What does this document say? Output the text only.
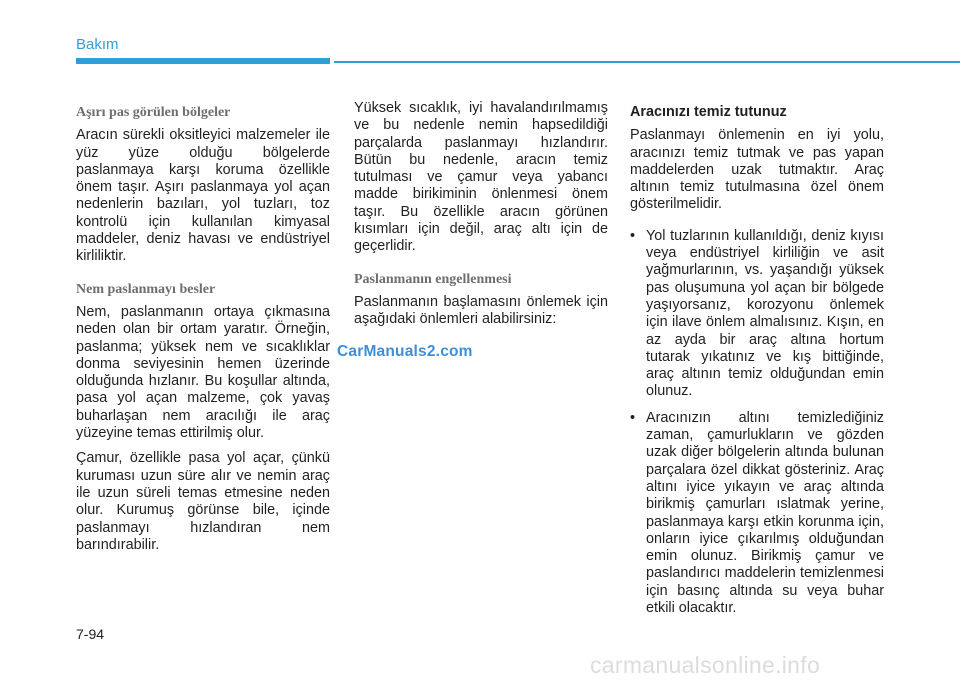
Bakım
Aşırı pas görülen bölgeler

Aracın sürekli oksitleyici malzemeler ile yüz yüze olduğu bölgelerde paslanmaya karşı koruma özellikle önem taşır. Aşırı paslanmaya yol açan nedenlerin bazıları, yol tuzları, toz kontrolü için kullanılan kimyasal maddeler, deniz havası ve endüstriyel kirliliktir.

Nem paslanmayı besler

Nem, paslanmanın ortaya çıkmasına neden olan bir ortam yaratır. Örneğin, paslanma; yüksek nem ve sıcaklıklar donma seviyesinin hemen üzerinde olduğunda hızlanır. Bu koşullar altında, pasa yol açan malzeme, çok yavaş buharlaşan nem aracılığı ile araç yüzeyine temas ettirilmiş olur.

Çamur, özellikle pasa yol açar, çünkü kuruması uzun süre alır ve nemin araç ile uzun süreli temas etmesine neden olur. Kurumuş görünse bile, içinde paslanmayı hızlandıran nem barındırabilir.

Yüksek sıcaklık, iyi havalandırılmamış ve bu nedenle nemin hapsedildiği parçalarda paslanmayı hızlandırır. Bütün bu nedenle, aracın temiz tutulması ve çamur veya yabancı madde birikiminin önlenmesi önem taşır. Bu özellikle aracın görünen kısımları için değil, araç altı için de geçerlidir.

Paslanmanın engellenmesi

Paslanmanın başlamasını önlemek için aşağıdaki önlemleri alabilirsiniz:

Aracınızı temiz tutunuz

Paslanmayı önlemenin en iyi yolu, aracınızı temiz tutmak ve pas yapan maddelerden uzak tutmaktır. Araç altının temiz tutulmasına özel önem gösterilmelidir.

• Yol tuzlarının kullanıldığı, deniz kıyısı veya endüstriyel kirliliğin ve asit yağmurlarının, vs. yaşandığı yüksek pas oluşumuna yol açan bir bölgede yaşıyorsanız, korozyonu önlemek için ilave önlem almalısınız. Kışın, en az ayda bir araç altına hortum tutarak yıkatınız ve kış bittiğinde, araç altının temiz olduğundan emin olunuz.
• Aracınızın altını temizlediğiniz zaman, çamurlukların ve gözden uzak diğer bölgelerin altında bulunan parçalara özel dikkat gösteriniz. Araç altını iyice yıkayın ve araç altında birikmiş çamurları ıslatmak yerine, paslanmaya karşı etkin korunma için, onların iyice çıkarılmış olduğundan emin olunuz. Birikmiş çamur ve paslandırıcı maddelerin temizlenmesi için basınç altında su veya buhar etkili olacaktır.
CarManuals2.com
7-94
carmanualsonline.info
